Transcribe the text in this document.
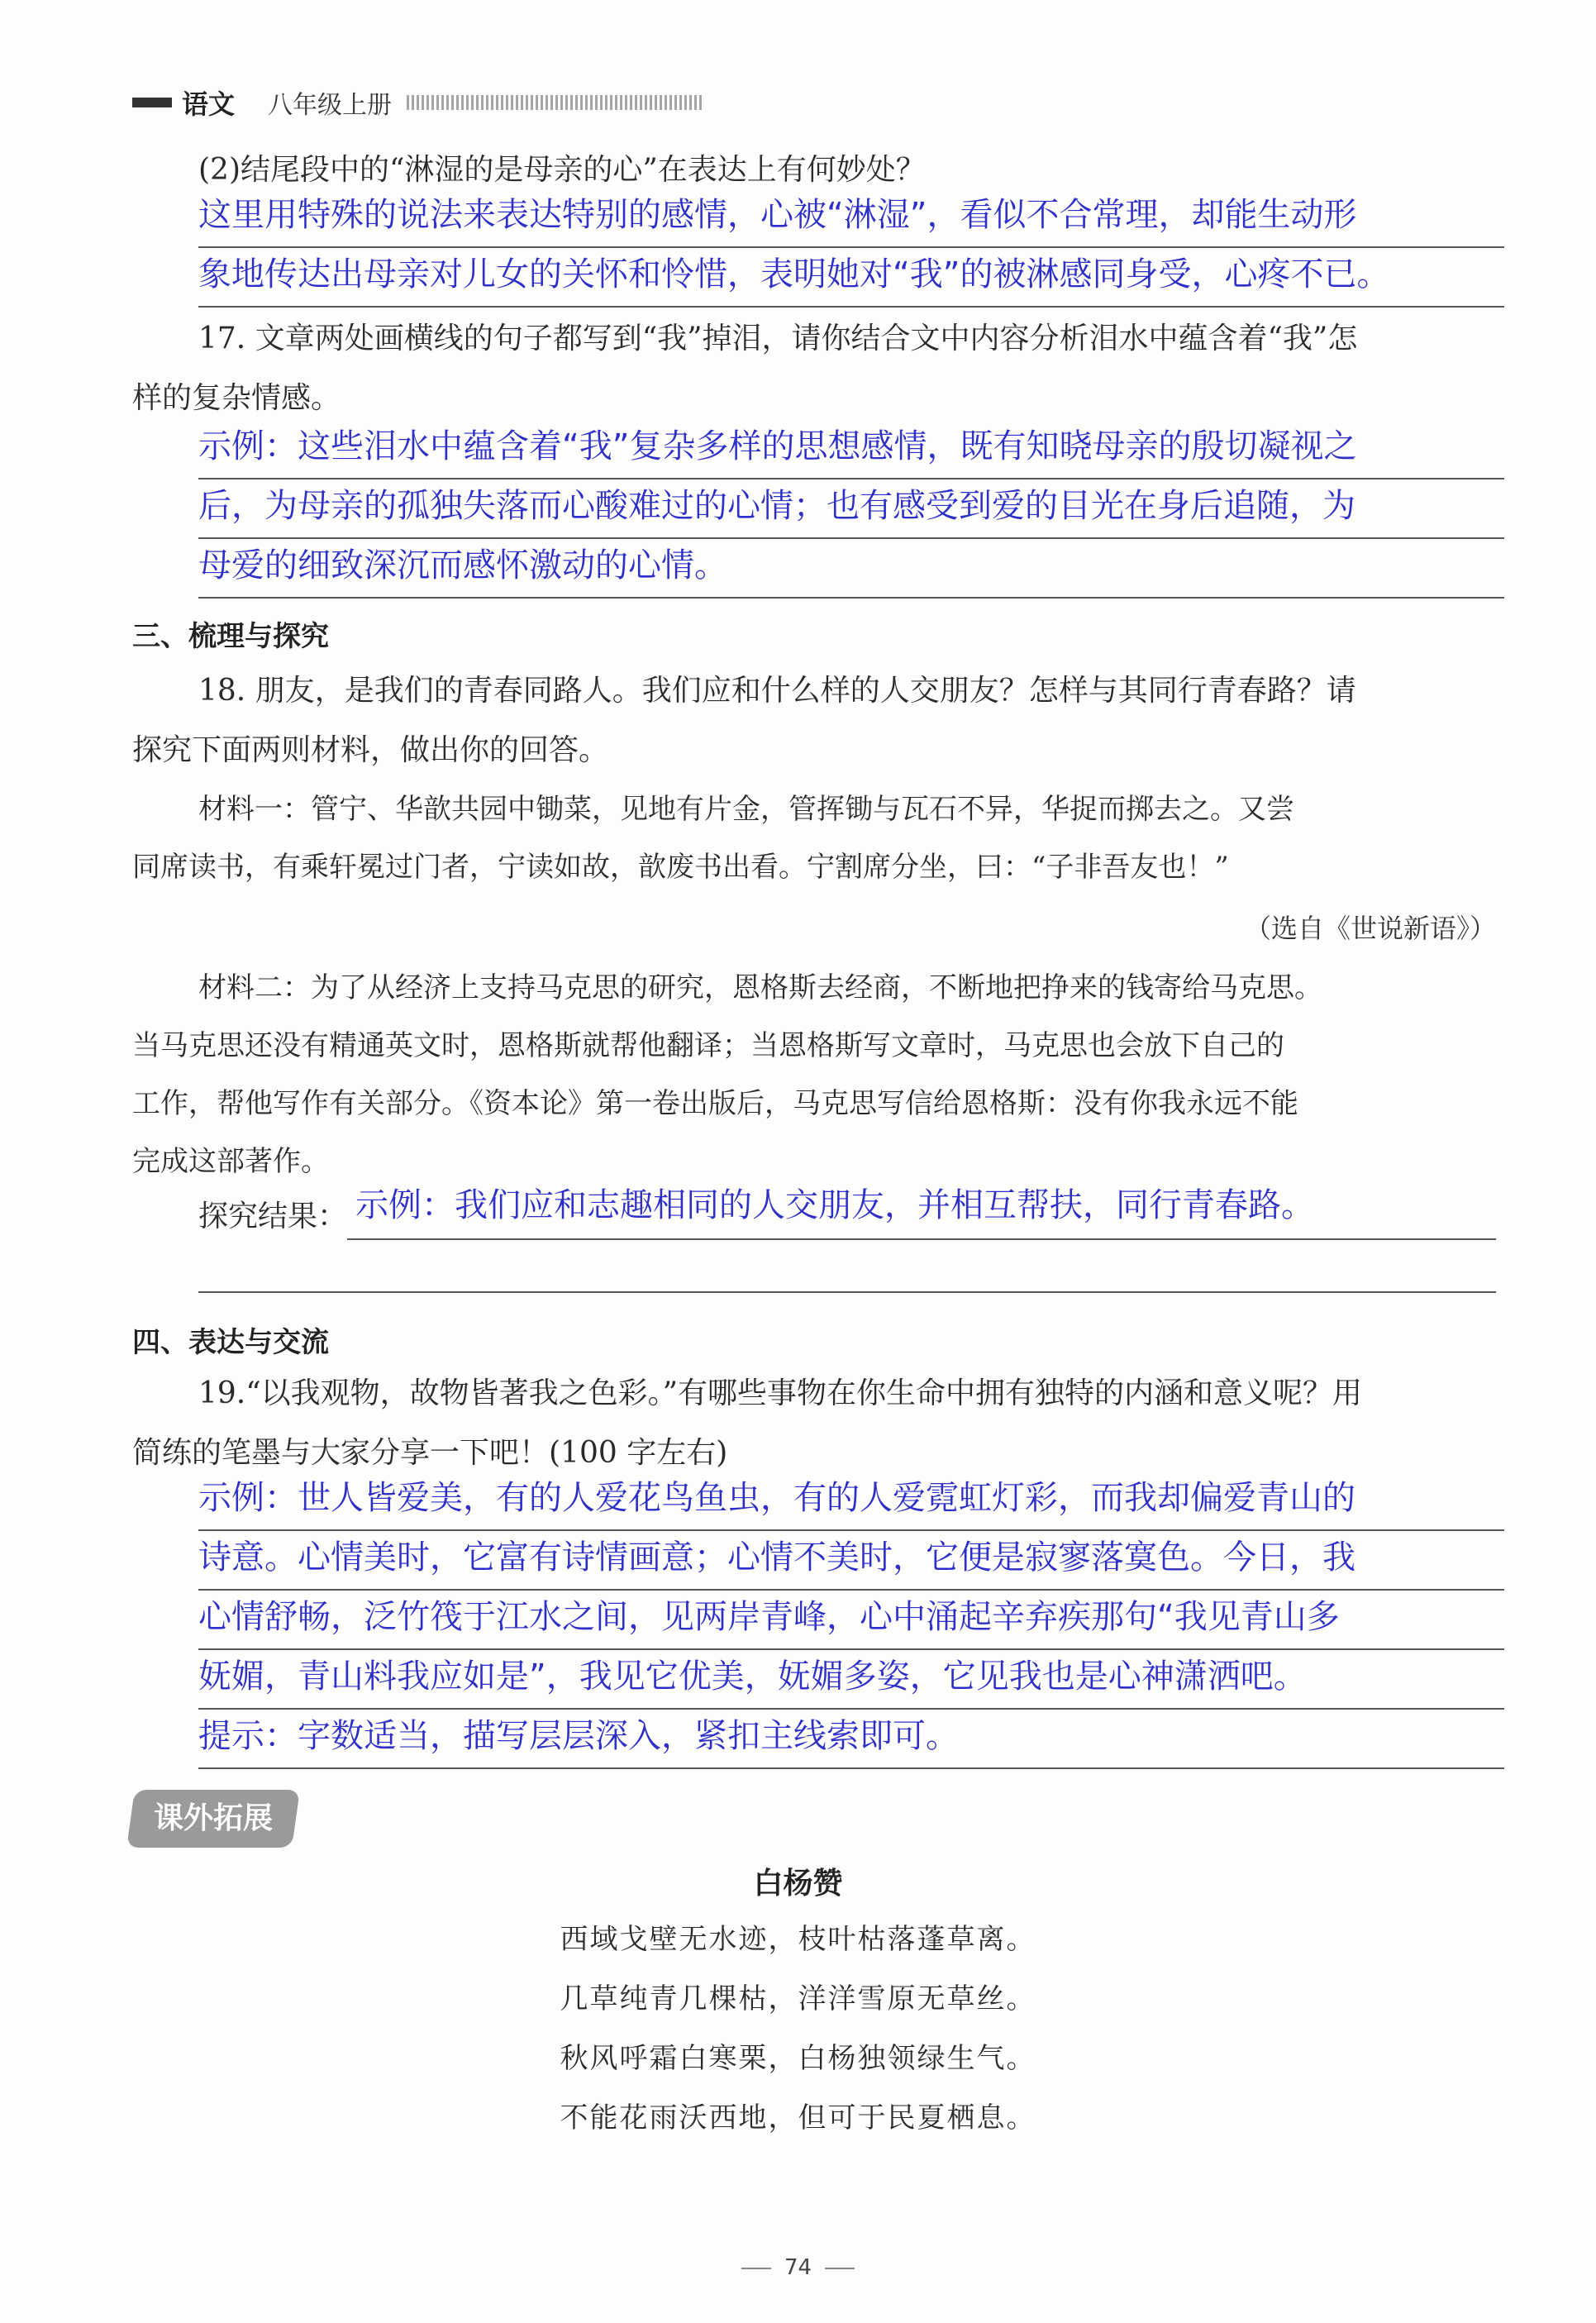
语文 八年级上册
(2)结尾段中的“淋湿的是母亲的心”在表达上有何妙处？
这里用特殊的说法来表达特别的感情，心被“淋湿”，看似不合常理，却能生动形
象地传达出母亲对儿女的关怀和怜惜，表明她对“我”的被淋感同身受，心疼不已。
17. 文章两处画横线的句子都写到“我”掉泪，请你结合文中内容分析泪水中蕴含着“我”怎
样的复杂情感。
示例：这些泪水中蕴含着“我”复杂多样的思想感情，既有知晓母亲的殷切凝视之
后，为母亲的孤独失落而心酸难过的心情；也有感受到爱的目光在身后追随，为
母爱的细致深沉而感怀激动的心情。
三、梳理与探究
18. 朋友，是我们的青春同路人。我们应和什么样的人交朋友？怎样与其同行青春路？请
探究下面两则材料，做出你的回答。
材料一：管宁、华歆共园中锄菜，见地有片金，管挥锄与瓦石不异，华捉而掷去之。又尝
同席读书，有乘轩冕过门者，宁读如故，歆废书出看。宁割席分坐，曰：“子非吾友也！”
（选自《世说新语》）
材料二：为了从经济上支持马克思的研究，恩格斯去经商，不断地把挣来的钱寄给马克思。
当马克思还没有精通英文时，恩格斯就帮他翻译；当恩格斯写文章时，马克思也会放下自己的
工作，帮他写作有关部分。《资本论》第一卷出版后，马克思写信给恩格斯：没有你我永远不能
完成这部著作。
探究结果： 示例：我们应和志趣相同的人交朋友，并相互帮扶，同行青春路。
四、表达与交流
19.“以我观物，故物皆著我之色彩。”有哪些事物在你生命中拥有独特的内涵和意义呢？用
简练的笔墨与大家分享一下吧！(100 字左右)
示例：世人皆爱美，有的人爱花鸟鱼虫，有的人爱霓虹灯彩，而我却偏爱青山的
诗意。心情美时，它富有诗情画意；心情不美时，它便是寂寥落寞色。今日，我
心情舒畅，泛竹筏于江水之间，见两岸青峰，心中涌起辛弃疾那句“我见青山多
妩媚，青山料我应如是”，我见它优美，妩媚多姿，它见我也是心神潇洒吧。
提示：字数适当，描写层层深入，紧扣主线索即可。
课外拓展
白杨赞
西域戈壁无水迹，枝叶枯落蓬草离。
几草纯青几棵枯，洋洋雪原无草丝。
秋风呼霜白寒栗，白杨独领绿生气。
不能花雨沃西地，但可于民夏栖息。
74
